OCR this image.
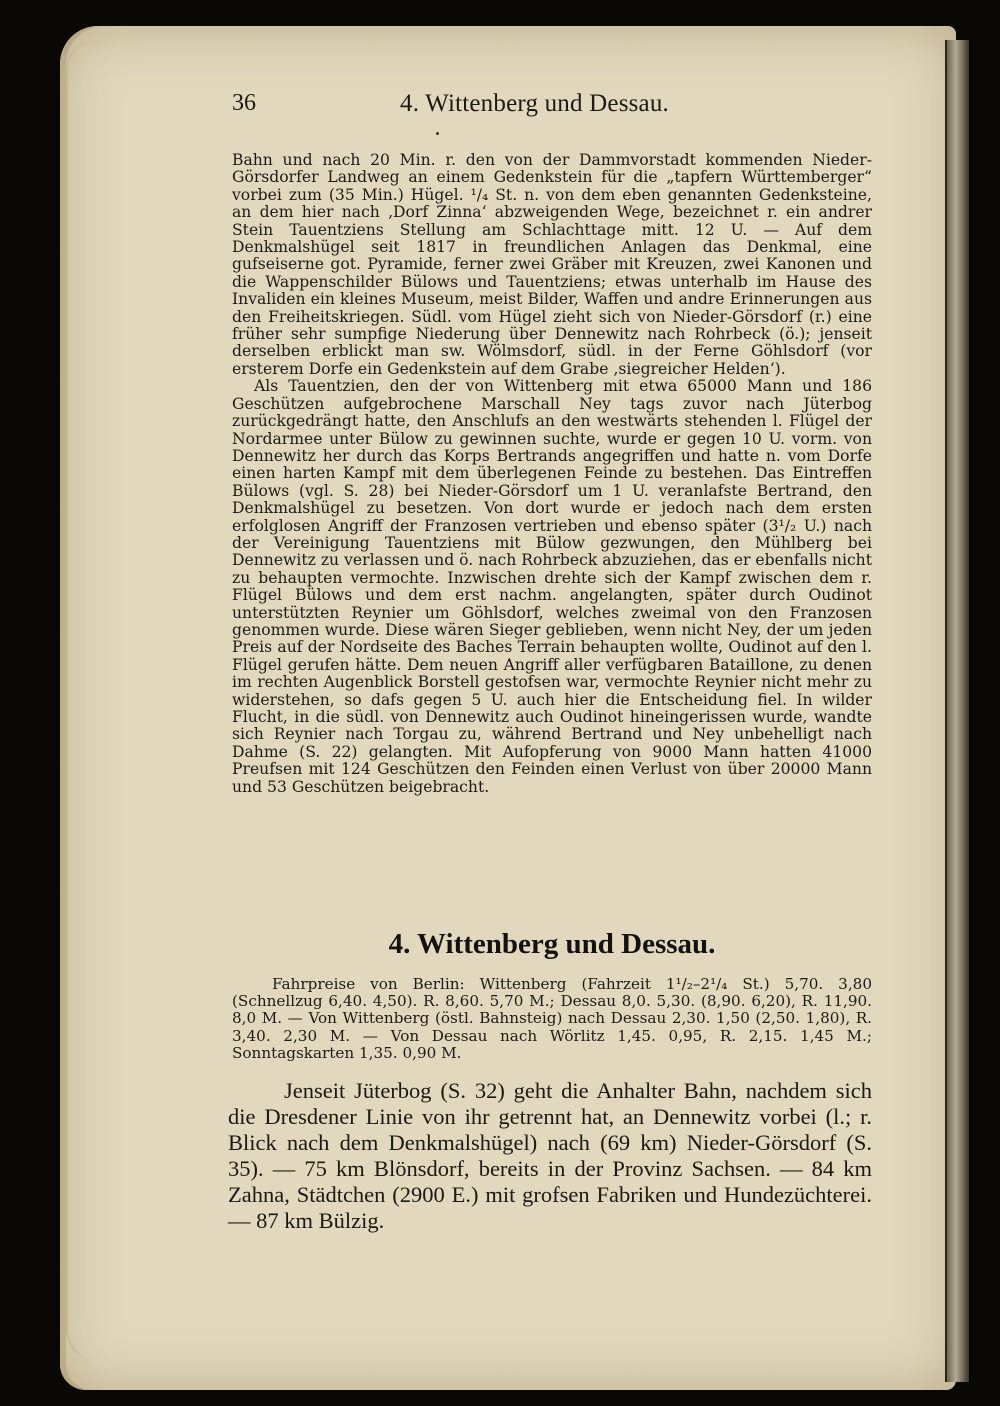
36	4. Wittenberg und Dessau.

Bahn und nach 20 Min. r. den von der Dammvorstadt kommenden Nieder-Görsdorfer Landweg an einem Gedenkstein für die „tapfern Württemberger“ vorbei zum (35 Min.) Hügel. ¹/₄ St. n. von dem eben genannten Gedenksteine, an dem hier nach ‚Dorf Zinna‘ abzweigenden Wege, bezeichnet r. ein andrer Stein Tauentziens Stellung am Schlachttage mitt. 12 U. — Auf dem Denkmalshügel seit 1817 in freundlichen Anlagen das Denkmal, eine gufseiserne got. Pyramide, ferner zwei Gräber mit Kreuzen, zwei Kanonen und die Wappenschilder Bülows und Tauentziens; etwas unterhalb im Hause des Invaliden ein kleines Museum, meist Bilder, Waffen und andre Erinnerungen aus den Freiheitskriegen. Südl. vom Hügel zieht sich von Nieder-Görsdorf (r.) eine früher sehr sumpfige Niederung über Dennewitz nach Rohrbeck (ö.); jenseit derselben erblickt man sw. Wölmsdorf, südl. in der Ferne Göhlsdorf (vor ersterem Dorfe ein Gedenkstein auf dem Grabe ‚siegreicher Helden‘).

Als Tauentzien, den der von Wittenberg mit etwa 65000 Mann und 186 Geschützen aufgebrochene Marschall Ney tags zuvor nach Jüterbog zurückgedrängt hatte, den Anschlufs an den westwärts stehenden l. Flügel der Nordarmee unter Bülow zu gewinnen suchte, wurde er gegen 10 U. vorm. von Dennewitz her durch das Korps Bertrands angegriffen und hatte n. vom Dorfe einen harten Kampf mit dem überlegenen Feinde zu bestehen. Das Eintreffen Bülows (vgl. S. 28) bei Nieder-Görsdorf um 1 U. veranlafste Bertrand, den Denkmalshügel zu besetzen. Von dort wurde er jedoch nach dem ersten erfolglosen Angriff der Franzosen vertrieben und ebenso später (3¹/₂ U.) nach der Vereinigung Tauentziens mit Bülow gezwungen, den Mühlberg bei Dennewitz zu verlassen und ö. nach Rohrbeck abzuziehen, das er ebenfalls nicht zu behaupten vermochte. Inzwischen drehte sich der Kampf zwischen dem r. Flügel Bülows und dem erst nachm. angelangten, später durch Oudinot unterstützten Reynier um Göhlsdorf, welches zweimal von den Franzosen genommen wurde. Diese wären Sieger geblieben, wenn nicht Ney, der um jeden Preis auf der Nordseite des Baches Terrain behaupten wollte, Oudinot auf den l. Flügel gerufen hätte. Dem neuen Angriff aller verfügbaren Bataillone, zu denen im rechten Augenblick Borstell gestofsen war, vermochte Reynier nicht mehr zu widerstehen, so dafs gegen 5 U. auch hier die Entscheidung fiel. In wilder Flucht, in die südl. von Dennewitz auch Oudinot hineingerissen wurde, wandte sich Reynier nach Torgau zu, während Bertrand und Ney unbehelligt nach Dahme (S. 22) gelangten. Mit Aufopferung von 9000 Mann hatten 41000 Preufsen mit 124 Geschützen den Feinden einen Verlust von über 20000 Mann und 53 Geschützen beigebracht.

4. Wittenberg und Dessau.

Fahrpreise von Berlin: Wittenberg (Fahrzeit 1¹/₂–2¹/₄ St.) 5,70. 3,80 (Schnellzug 6,40. 4,50). R. 8,60. 5,70 M.; Dessau 8,0. 5,30. (8,90. 6,20), R. 11,90. 8,0 M. — Von Wittenberg (östl. Bahnsteig) nach Dessau 2,30. 1,50 (2,50. 1,80), R. 3,40. 2,30 M. — Von Dessau nach Wörlitz 1,45. 0,95, R. 2,15. 1,45 M.; Sonntagskarten 1,35. 0,90 M.

Jenseit Jüterbog (S. 32) geht die Anhalter Bahn, nachdem sich die Dresdener Linie von ihr getrennt hat, an Dennewitz vorbei (l.; r. Blick nach dem Denkmalshügel) nach (69 km) Nieder-Görsdorf (S. 35). — 75 km Blönsdorf, bereits in der Provinz Sachsen. — 84 km Zahna, Städtchen (2900 E.) mit grofsen Fabriken und Hundezüchterei. — 87 km Bülzig.
